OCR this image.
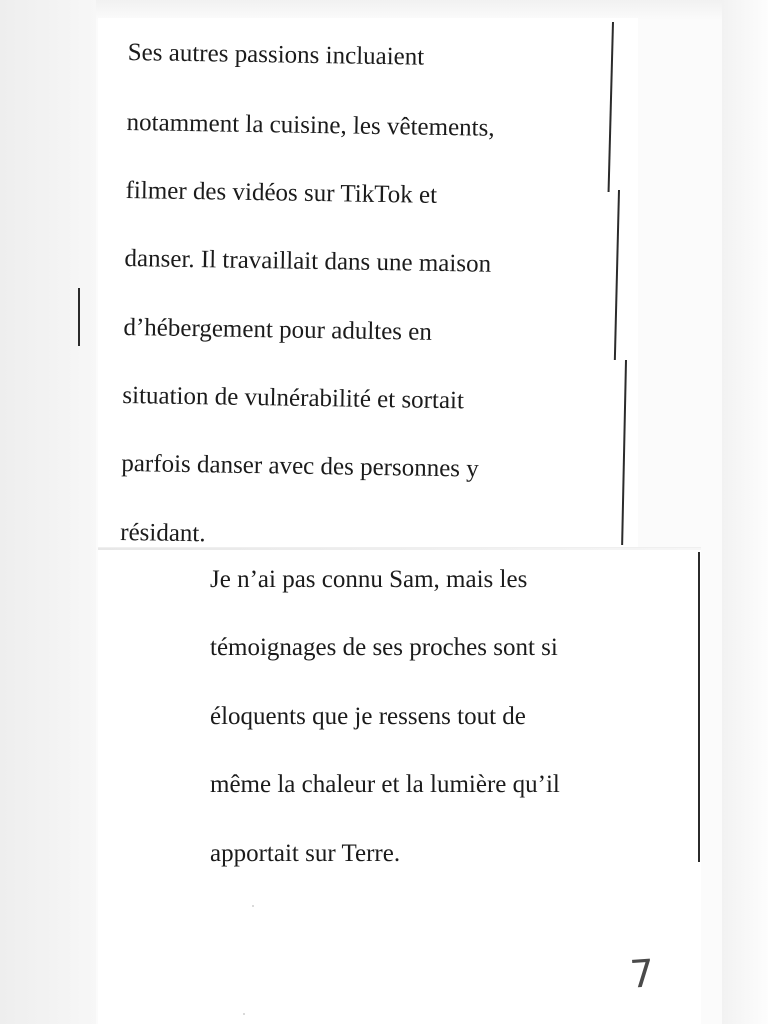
Ses autres passions incluaient
notamment la cuisine, les vêtements,
filmer des vidéos sur TikTok et
danser. Il travaillait dans une maison
d’hébergement pour adultes en
situation de vulnérabilité et sortait
parfois danser avec des personnes y
résidant.
Je n’ai pas connu Sam, mais les
témoignages de ses proches sont si
éloquents que je ressens tout de
même la chaleur et la lumière qu’il
apportait sur Terre.
7
